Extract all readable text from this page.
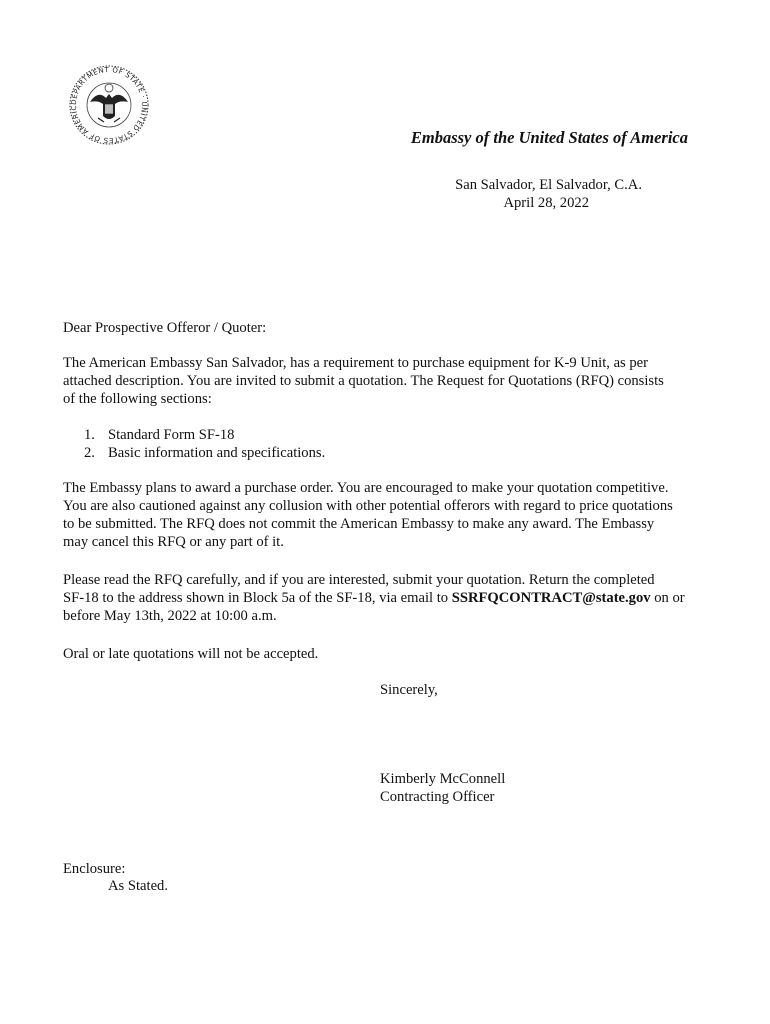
DEPARTMENT OF STATE · UNITED STATES OF AMERIC
Embassy of the United States of America
San Salvador, El Salvador, C.A.
April 28, 2022
Dear Prospective Offeror / Quoter:
The American Embassy San Salvador, has a requirement to purchase equipment for K-9 Unit, as per
attached description. You are invited to submit a quotation. The Request for Quotations (RFQ) consists
of the following sections:
1. Standard Form SF-18
2. Basic information and specifications.
The Embassy plans to award a purchase order. You are encouraged to make your quotation competitive.
You are also cautioned against any collusion with other potential offerors with regard to price quotations
to be submitted. The RFQ does not commit the American Embassy to make any award. The Embassy
may cancel this RFQ or any part of it.
Please read the RFQ carefully, and if you are interested, submit your quotation. Return the completed
SF-18 to the address shown in Block 5a of the SF-18, via email to SSRFQCONTRACT@state.gov on or
before May 13th, 2022 at 10:00 a.m.
Oral or late quotations will not be accepted.
Sincerely,
Kimberly McConnell
Contracting Officer
Enclosure:
As Stated.
